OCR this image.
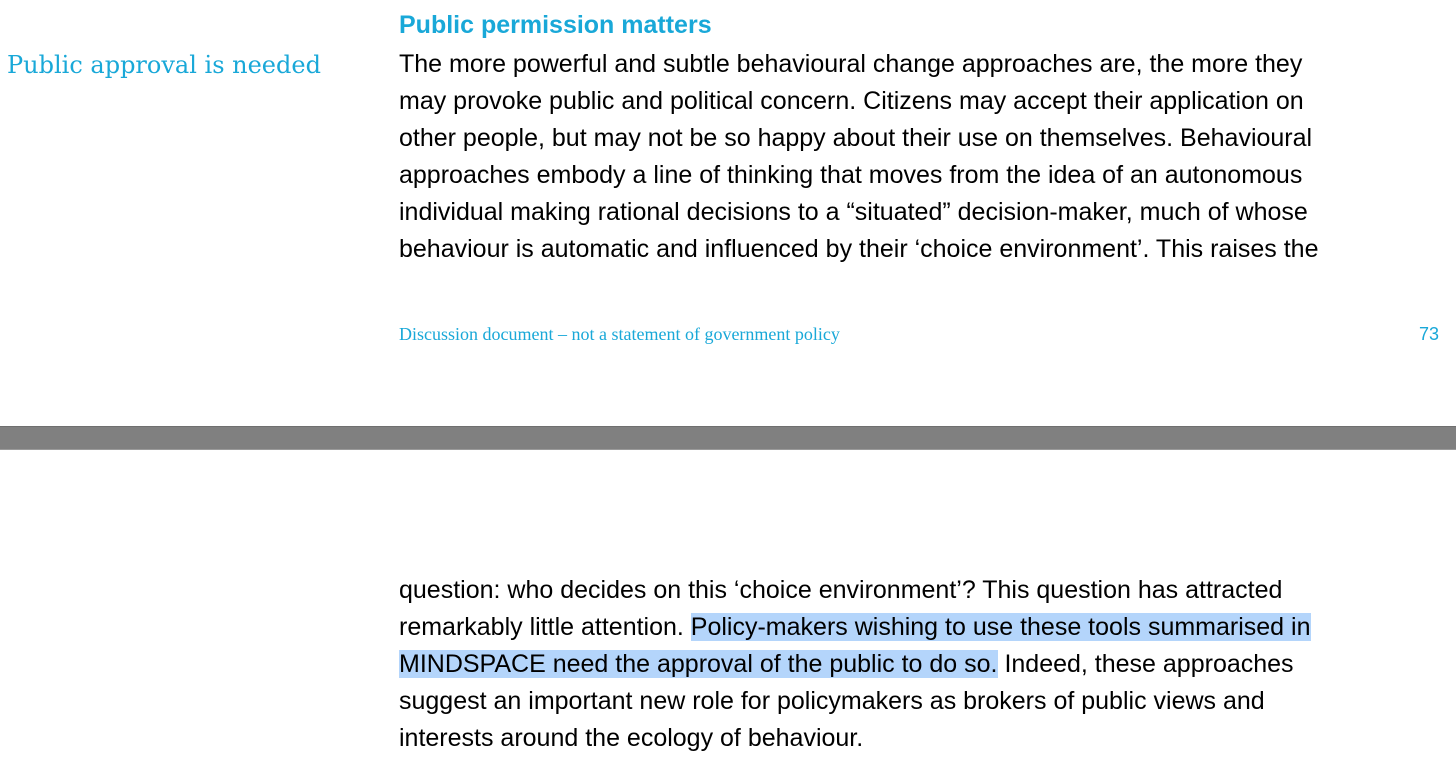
Public permission matters

Public approval is needed	The more powerful and subtle behavioural change approaches are, the more they
may provoke public and political concern. Citizens may accept their application on
other people, but may not be so happy about their use on themselves. Behavioural
approaches embody a line of thinking that moves from the idea of an autonomous
individual making rational decisions to a “situated” decision-maker, much of whose
behaviour is automatic and influenced by their ‘choice environment’. This raises the

Discussion document – not a statement of government policy	73

question: who decides on this ‘choice environment’? This question has attracted
remarkably little attention. Policy-makers wishing to use these tools summarised in
MINDSPACE need the approval of the public to do so. Indeed, these approaches
suggest an important new role for policymakers as brokers of public views and
interests around the ecology of behaviour.
